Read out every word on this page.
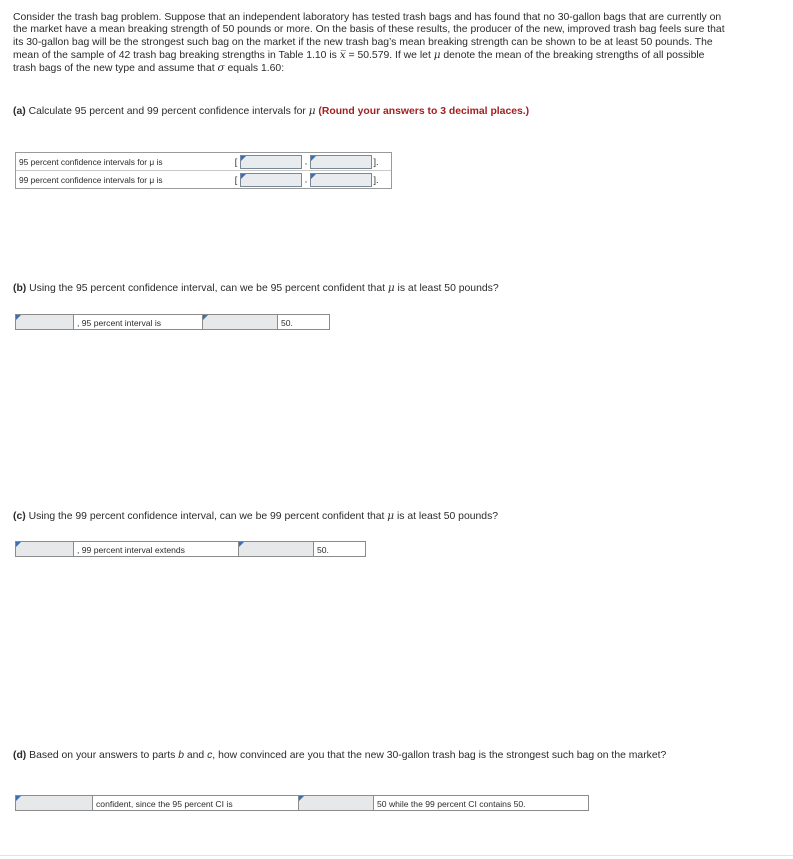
Consider the trash bag problem. Suppose that an independent laboratory has tested trash bags and has found that no 30-gallon bags that are currently on the market have a mean breaking strength of 50 pounds or more. On the basis of these results, the producer of the new, improved trash bag feels sure that its 30-gallon bag will be the strongest such bag on the market if the new trash bag’s mean breaking strength can be shown to be at least 50 pounds. The mean of the sample of 42 trash bag breaking strengths in Table 1.10 is x̅ = 50.579. If we let μ denote the mean of the breaking strengths of all possible trash bags of the new type and assume that σ equals 1.60:

(a) Calculate 95 percent and 99 percent confidence intervals for μ (Round your answers to 3 decimal places.)

95 percent confidence intervals for μ is	[	,	].
99 percent confidence intervals for μ is	[	,	].

(b) Using the 95 percent confidence interval, can we be 95 percent confident that μ is at least 50 pounds?

, 95 percent interval is	50.

(c) Using the 99 percent confidence interval, can we be 99 percent confident that μ is at least 50 pounds?

, 99 percent interval extends	50.

(d) Based on your answers to parts b and c, how convinced are you that the new 30-gallon trash bag is the strongest such bag on the market?

confident, since the 95 percent CI is	50 while the 99 percent CI contains 50.
